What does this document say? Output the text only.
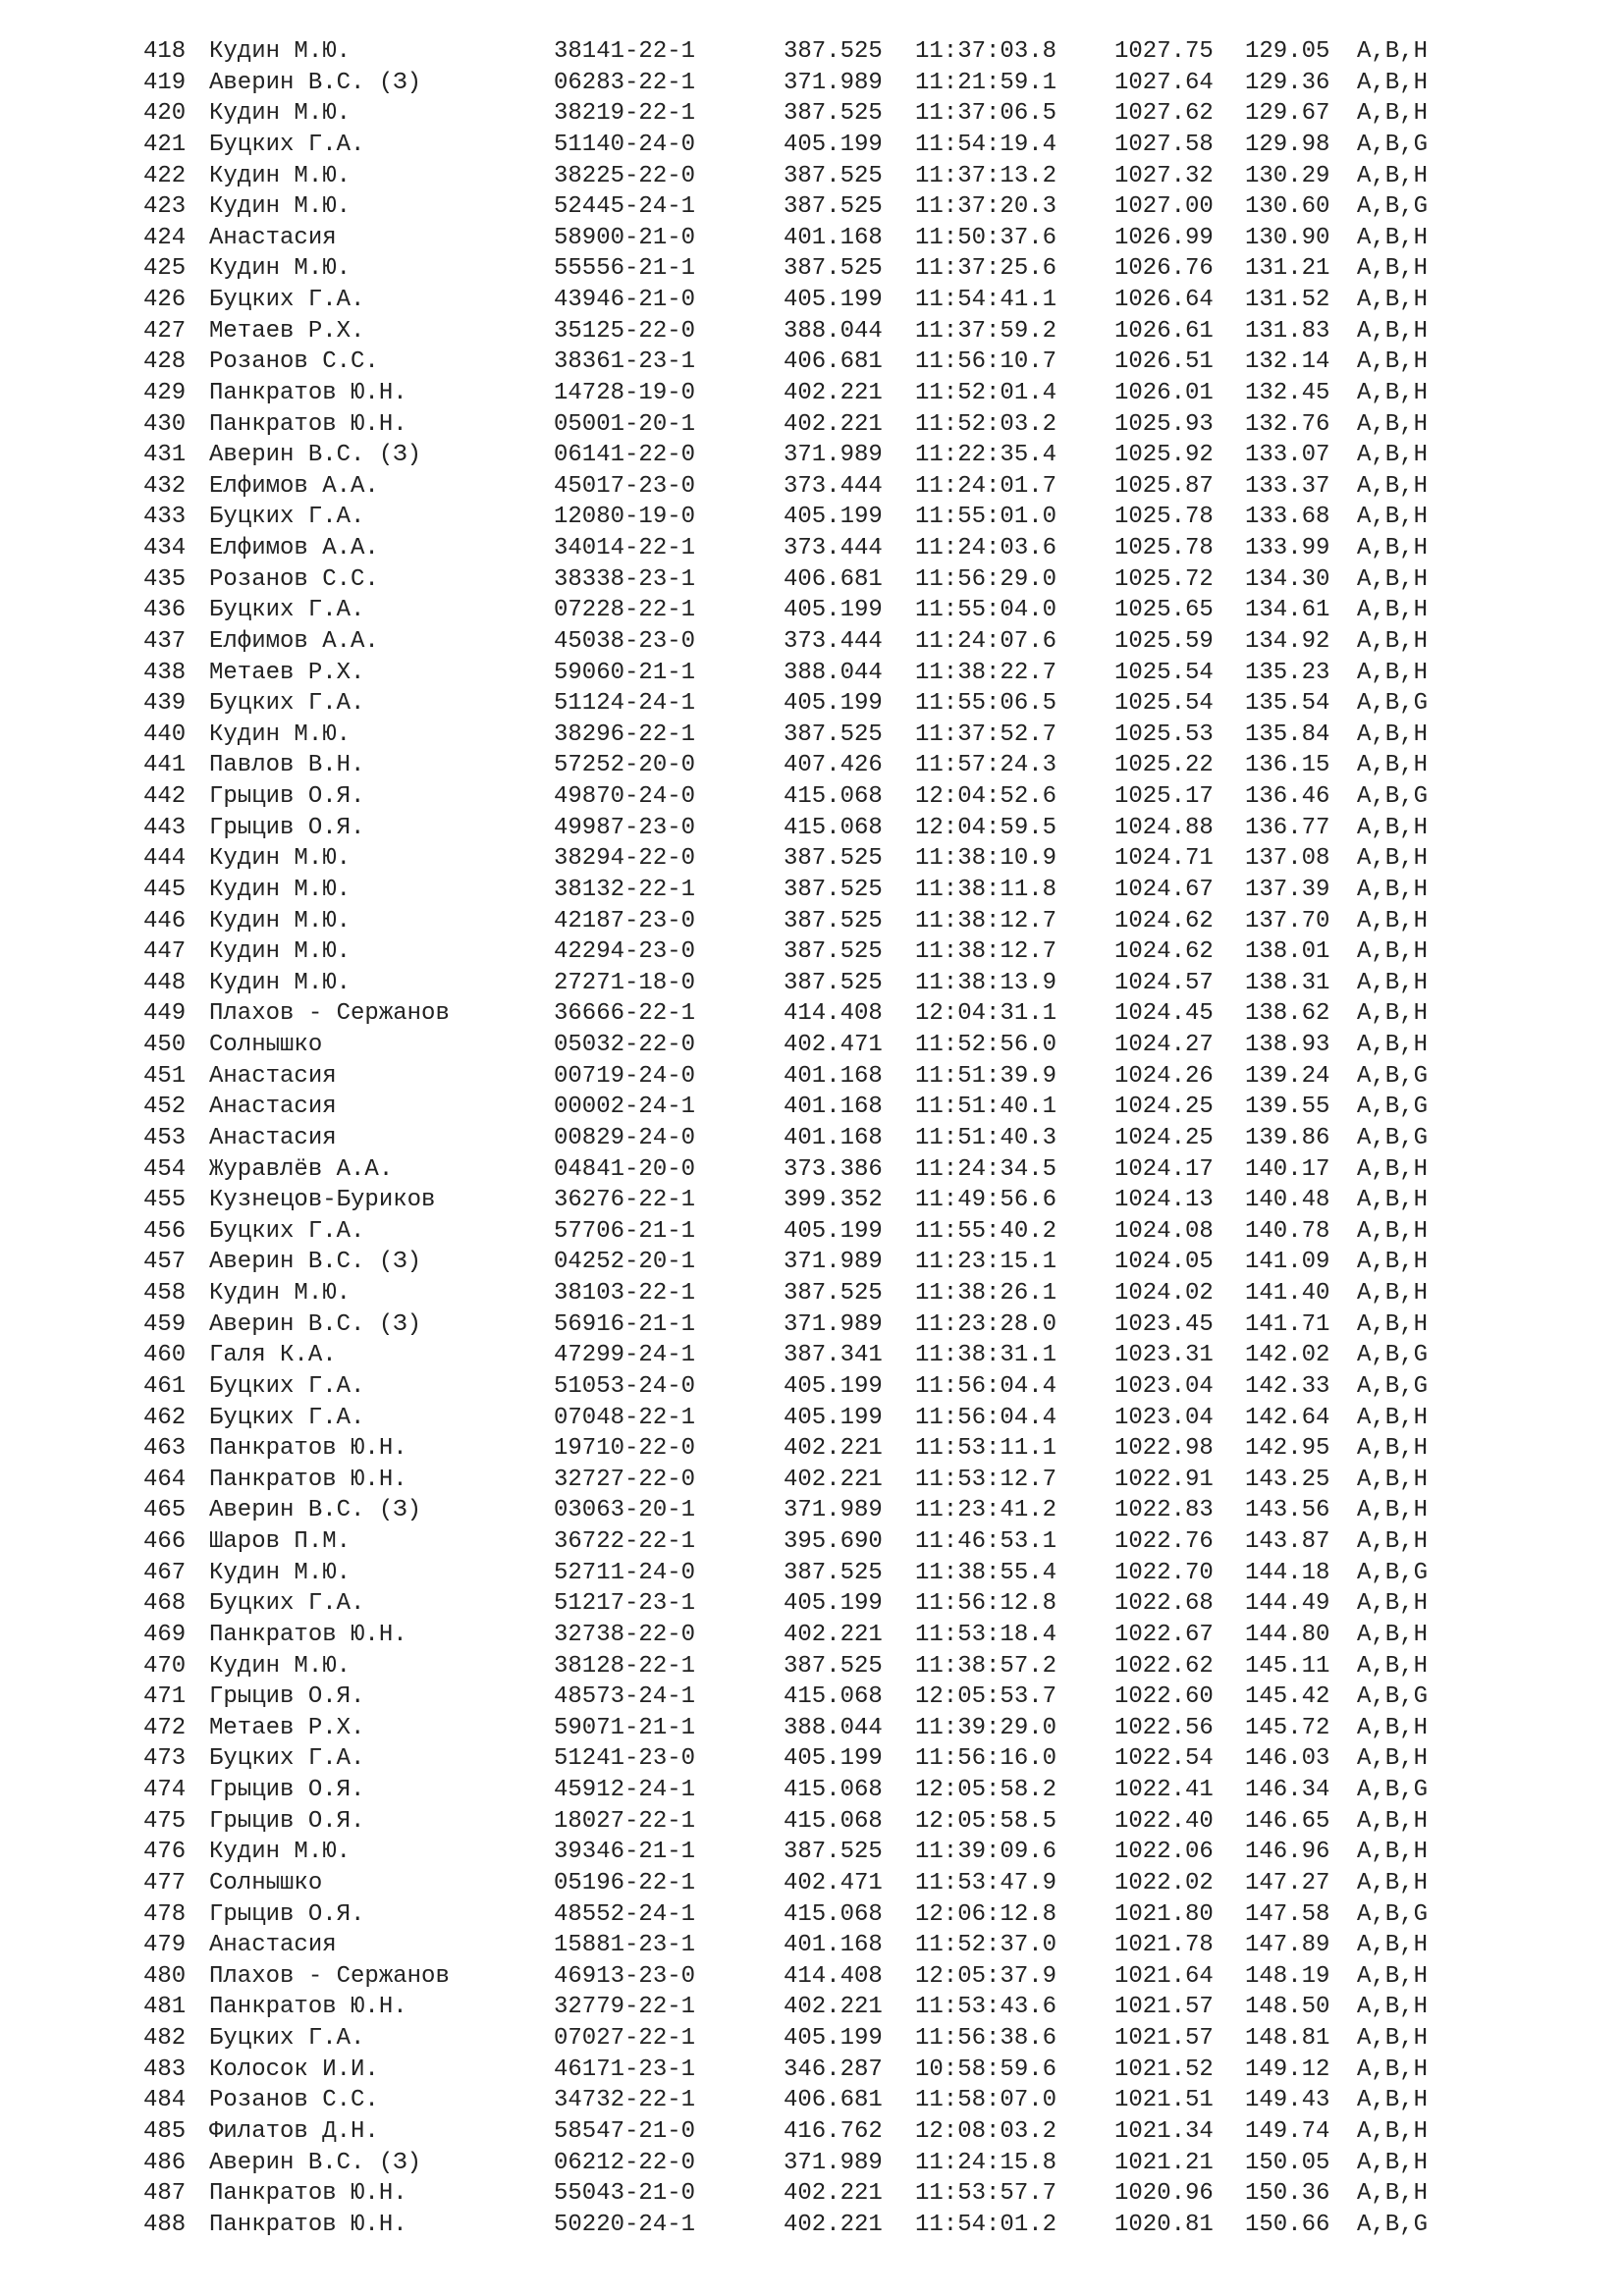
418 Кудин М.Ю.	38141-22-1	387.525 11:37:03.8 1027.75 129.05 A,B,H
419 Аверин В.С. (З)	06283-22-1	371.989 11:21:59.1 1027.64 129.36 A,B,H
420 Кудин М.Ю.	38219-22-1	387.525 11:37:06.5 1027.62 129.67 A,B,H
421 Буцких Г.А.	51140-24-0	405.199 11:54:19.4 1027.58 129.98 A,B,G
422 Кудин М.Ю.	38225-22-0	387.525 11:37:13.2 1027.32 130.29 A,B,H
423 Кудин М.Ю.	52445-24-1	387.525 11:37:20.3 1027.00 130.60 A,B,G
424 Анастасия	58900-21-0	401.168 11:50:37.6 1026.99 130.90 A,B,H
425 Кудин М.Ю.	55556-21-1	387.525 11:37:25.6 1026.76 131.21 A,B,H
426 Буцких Г.А.	43946-21-0	405.199 11:54:41.1 1026.64 131.52 A,B,H
427 Метаев Р.Х.	35125-22-0	388.044 11:37:59.2 1026.61 131.83 A,B,H
428 Розанов С.С.	38361-23-1	406.681 11:56:10.7 1026.51 132.14 A,B,H
429 Панкратов Ю.Н.	14728-19-0	402.221 11:52:01.4 1026.01 132.45 A,B,H
430 Панкратов Ю.Н.	05001-20-1	402.221 11:52:03.2 1025.93 132.76 A,B,H
431 Аверин В.С. (З)	06141-22-0	371.989 11:22:35.4 1025.92 133.07 A,B,H
432 Елфимов А.А.	45017-23-0	373.444 11:24:01.7 1025.87 133.37 A,B,H
433 Буцких Г.А.	12080-19-0	405.199 11:55:01.0 1025.78 133.68 A,B,H
434 Елфимов А.А.	34014-22-1	373.444 11:24:03.6 1025.78 133.99 A,B,H
435 Розанов С.С.	38338-23-1	406.681 11:56:29.0 1025.72 134.30 A,B,H
436 Буцких Г.А.	07228-22-1	405.199 11:55:04.0 1025.65 134.61 A,B,H
437 Елфимов А.А.	45038-23-0	373.444 11:24:07.6 1025.59 134.92 A,B,H
438 Метаев Р.Х.	59060-21-1	388.044 11:38:22.7 1025.54 135.23 A,B,H
439 Буцких Г.А.	51124-24-1	405.199 11:55:06.5 1025.54 135.54 A,B,G
440 Кудин М.Ю.	38296-22-1	387.525 11:37:52.7 1025.53 135.84 A,B,H
441 Павлов В.Н.	57252-20-0	407.426 11:57:24.3 1025.22 136.15 A,B,H
442 Грыцив О.Я.	49870-24-0	415.068 12:04:52.6 1025.17 136.46 A,B,G
443 Грыцив О.Я.	49987-23-0	415.068 12:04:59.5 1024.88 136.77 A,B,H
444 Кудин М.Ю.	38294-22-0	387.525 11:38:10.9 1024.71 137.08 A,B,H
445 Кудин М.Ю.	38132-22-1	387.525 11:38:11.8 1024.67 137.39 A,B,H
446 Кудин М.Ю.	42187-23-0	387.525 11:38:12.7 1024.62 137.70 A,B,H
447 Кудин М.Ю.	42294-23-0	387.525 11:38:12.7 1024.62 138.01 A,B,H
448 Кудин М.Ю.	27271-18-0	387.525 11:38:13.9 1024.57 138.31 A,B,H
449 Плахов - Сержанов	36666-22-1	414.408 12:04:31.1 1024.45 138.62 A,B,H
450 Солнышко	05032-22-0	402.471 11:52:56.0 1024.27 138.93 A,B,H
451 Анастасия	00719-24-0	401.168 11:51:39.9 1024.26 139.24 A,B,G
452 Анастасия	00002-24-1	401.168 11:51:40.1 1024.25 139.55 A,B,G
453 Анастасия	00829-24-0	401.168 11:51:40.3 1024.25 139.86 A,B,G
454 Журавлёв А.А.	04841-20-0	373.386 11:24:34.5 1024.17 140.17 A,B,H
455 Кузнецов-Буриков	36276-22-1	399.352 11:49:56.6 1024.13 140.48 A,B,H
456 Буцких Г.А.	57706-21-1	405.199 11:55:40.2 1024.08 140.78 A,B,H
457 Аверин В.С. (З)	04252-20-1	371.989 11:23:15.1 1024.05 141.09 A,B,H
458 Кудин М.Ю.	38103-22-1	387.525 11:38:26.1 1024.02 141.40 A,B,H
459 Аверин В.С. (З)	56916-21-1	371.989 11:23:28.0 1023.45 141.71 A,B,H
460 Галя К.А.	47299-24-1	387.341 11:38:31.1 1023.31 142.02 A,B,G
461 Буцких Г.А.	51053-24-0	405.199 11:56:04.4 1023.04 142.33 A,B,G
462 Буцких Г.А.	07048-22-1	405.199 11:56:04.4 1023.04 142.64 A,B,H
463 Панкратов Ю.Н.	19710-22-0	402.221 11:53:11.1 1022.98 142.95 A,B,H
464 Панкратов Ю.Н.	32727-22-0	402.221 11:53:12.7 1022.91 143.25 A,B,H
465 Аверин В.С. (З)	03063-20-1	371.989 11:23:41.2 1022.83 143.56 A,B,H
466 Шаров П.М.	36722-22-1	395.690 11:46:53.1 1022.76 143.87 A,B,H
467 Кудин М.Ю.	52711-24-0	387.525 11:38:55.4 1022.70 144.18 A,B,G
468 Буцких Г.А.	51217-23-1	405.199 11:56:12.8 1022.68 144.49 A,B,H
469 Панкратов Ю.Н.	32738-22-0	402.221 11:53:18.4 1022.67 144.80 A,B,H
470 Кудин М.Ю.	38128-22-1	387.525 11:38:57.2 1022.62 145.11 A,B,H
471 Грыцив О.Я.	48573-24-1	415.068 12:05:53.7 1022.60 145.42 A,B,G
472 Метаев Р.Х.	59071-21-1	388.044 11:39:29.0 1022.56 145.72 A,B,H
473 Буцких Г.А.	51241-23-0	405.199 11:56:16.0 1022.54 146.03 A,B,H
474 Грыцив О.Я.	45912-24-1	415.068 12:05:58.2 1022.41 146.34 A,B,G
475 Грыцив О.Я.	18027-22-1	415.068 12:05:58.5 1022.40 146.65 A,B,H
476 Кудин М.Ю.	39346-21-1	387.525 11:39:09.6 1022.06 146.96 A,B,H
477 Солнышко	05196-22-1	402.471 11:53:47.9 1022.02 147.27 A,B,H
478 Грыцив О.Я.	48552-24-1	415.068 12:06:12.8 1021.80 147.58 A,B,G
479 Анастасия	15881-23-1	401.168 11:52:37.0 1021.78 147.89 A,B,H
480 Плахов - Сержанов	46913-23-0	414.408 12:05:37.9 1021.64 148.19 A,B,H
481 Панкратов Ю.Н.	32779-22-1	402.221 11:53:43.6 1021.57 148.50 A,B,H
482 Буцких Г.А.	07027-22-1	405.199 11:56:38.6 1021.57 148.81 A,B,H
483 Колосок И.И.	46171-23-1	346.287 10:58:59.6 1021.52 149.12 A,B,H
484 Розанов С.С.	34732-22-1	406.681 11:58:07.0 1021.51 149.43 A,B,H
485 Филатов Д.Н.	58547-21-0	416.762 12:08:03.2 1021.34 149.74 A,B,H
486 Аверин В.С. (З)	06212-22-0	371.989 11:24:15.8 1021.21 150.05 A,B,H
487 Панкратов Ю.Н.	55043-21-0	402.221 11:53:57.7 1020.96 150.36 A,B,H
488 Панкратов Ю.Н.	50220-24-1	402.221 11:54:01.2 1020.81 150.66 A,B,G
